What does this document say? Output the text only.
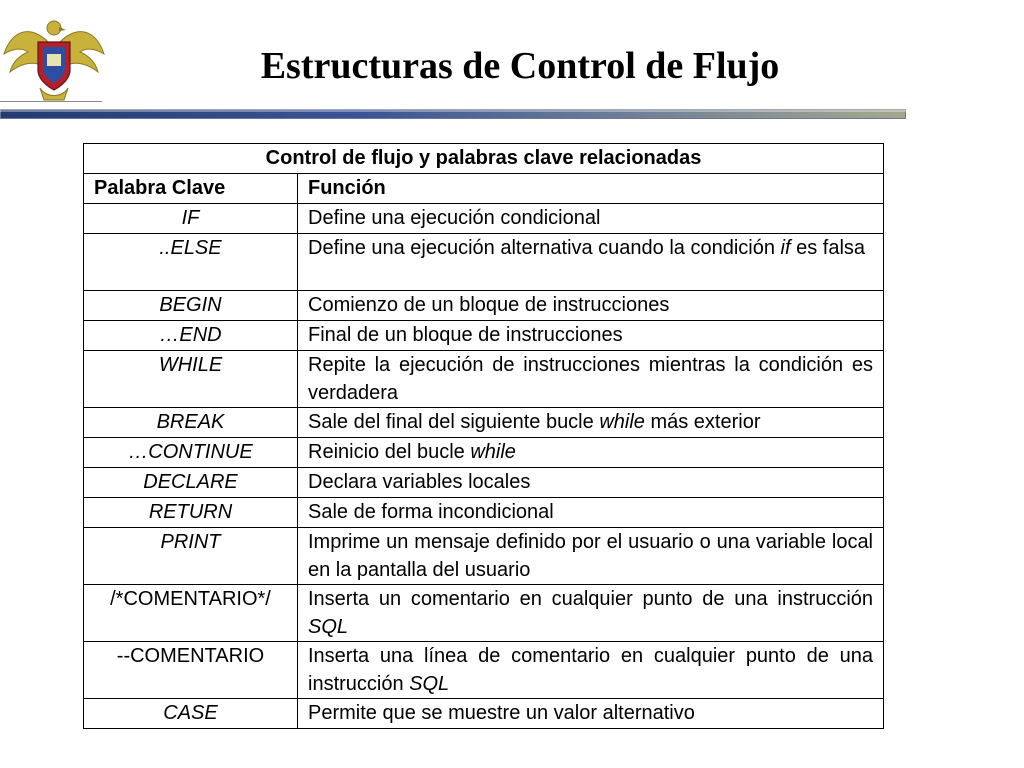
Estructuras de Control de Flujo
Control de flujo y palabras clave relacionadas	
Palabra Clave	Función
IF	Define una ejecución condicional
..ELSE	Define una ejecución alternativa cuando la condición if es falsa
BEGIN	Comienzo de un bloque de instrucciones
…END	Final de un bloque de instrucciones
WHILE	Repite la ejecución de instrucciones mientras la condición es verdadera
BREAK	Sale del final del siguiente bucle while más exterior
…CONTINUE	Reinicio del bucle while
DECLARE	Declara variables locales
RETURN	Sale de forma incondicional
PRINT	Imprime un mensaje definido por el usuario o una variable local en la pantalla del usuario
/*COMENTARIO*/	Inserta un comentario en cualquier punto de una instrucción SQL
--COMENTARIO	Inserta una línea de comentario en cualquier punto de una instrucción SQL
CASE	Permite que se muestre un valor alternativo
